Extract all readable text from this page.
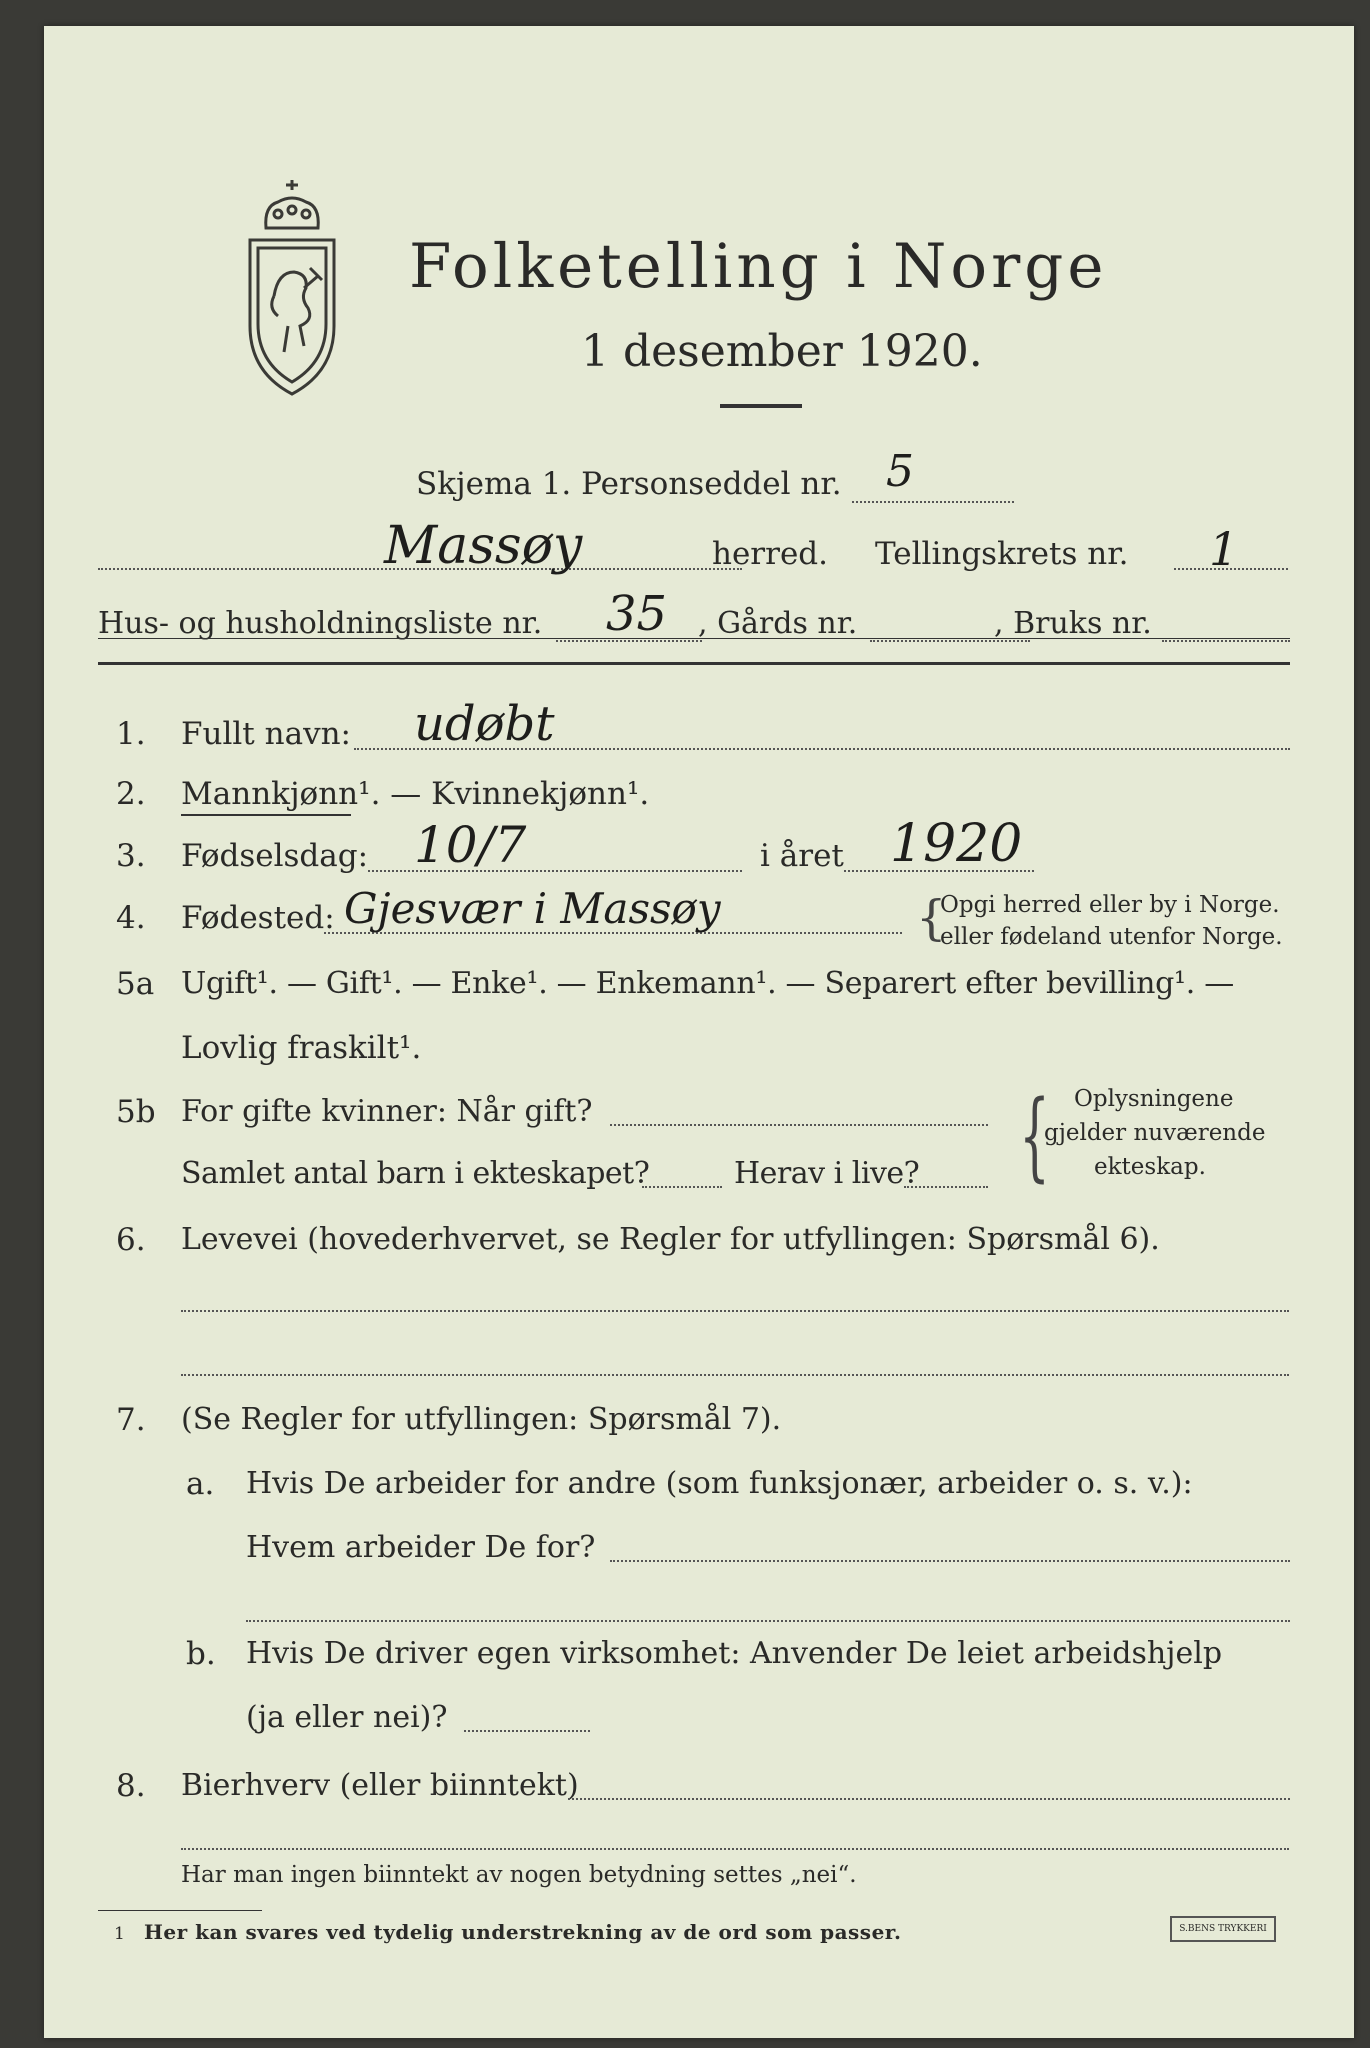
Folketelling i Norge
1 desember 1920.
Skjema 1. Personseddel nr. 5
Massøy	herred. Tellingskrets nr. 1
Hus- og husholdningsliste nr. 35 , Gårds nr.	, Bruks nr.
1. Fullt navn: udøbt
2. Mannkjønn¹. — Kvinnekjønn¹.
3. Fødselsdag: 10/7	i året 1920
4. Fødested: Gjesvær i Massøy	{
Opgi herred eller by i Norge.
eller fødeland utenfor Norge.
5a Ugift¹. — Gift¹. — Enke¹. — Enkemann¹. — Separert efter bevilling¹. —
Lovlig fraskilt¹.
5b For gifte kvinner: Når gift?
Samlet antal barn i ekteskapet?	Herav i live? { Oplysningene
gjelder nuværende
ekteskap.
6. Levevei (hovederhvervet, se Regler for utfyllingen: Spørsmål 6).
7. (Se Regler for utfyllingen: Spørsmål 7).
a. Hvis De arbeider for andre (som funksjonær, arbeider o. s. v.):
Hvem arbeider De for?
b. Hvis De driver egen virksomhet: Anvender De leiet arbeidshjelp
(ja eller nei)?
8. Bierhverv (eller biinntekt)
Har man ingen biinntekt av nogen betydning settes „nei“.
1 Her kan svares ved tydelig understrekning av de ord som passer.	S.BENS TRYKKERI
